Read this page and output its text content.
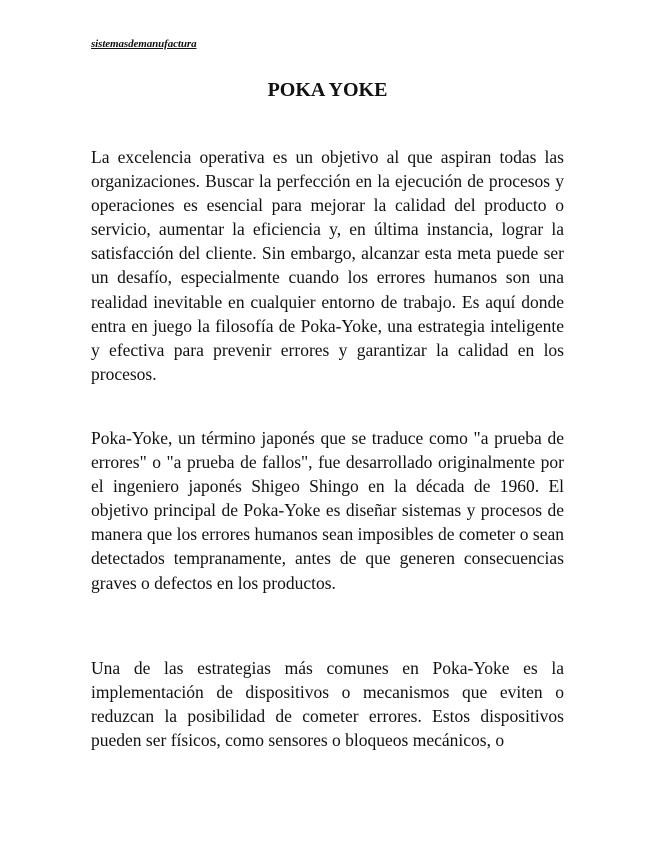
sistemasdemanufactura
POKA YOKE

La excelencia operativa es un objetivo al que aspiran todas las organizaciones. Buscar la perfección en la ejecución de procesos y operaciones es esencial para mejorar la calidad del producto o servicio, aumentar la eficiencia y, en última instancia, lograr la satisfacción del cliente. Sin embargo, alcanzar esta meta puede ser un desafío, especialmente cuando los errores humanos son una realidad inevitable en cualquier entorno de trabajo. Es aquí donde entra en juego la filosofía de Poka-Yoke, una estrategia inteligente y efectiva para prevenir errores y garantizar la calidad en los procesos.

Poka-Yoke, un término japonés que se traduce como "a prueba de errores" o "a prueba de fallos", fue desarrollado originalmente por el ingeniero japonés Shigeo Shingo en la década de 1960. El objetivo principal de Poka-Yoke es diseñar sistemas y procesos de manera que los errores humanos sean imposibles de cometer o sean detectados tempranamente, antes de que generen consecuencias graves o defectos en los productos.

Una de las estrategias más comunes en Poka-Yoke es la implementación de dispositivos o mecanismos que eviten o reduzcan la posibilidad de cometer errores. Estos dispositivos pueden ser físicos, como sensores o bloqueos mecánicos, o
